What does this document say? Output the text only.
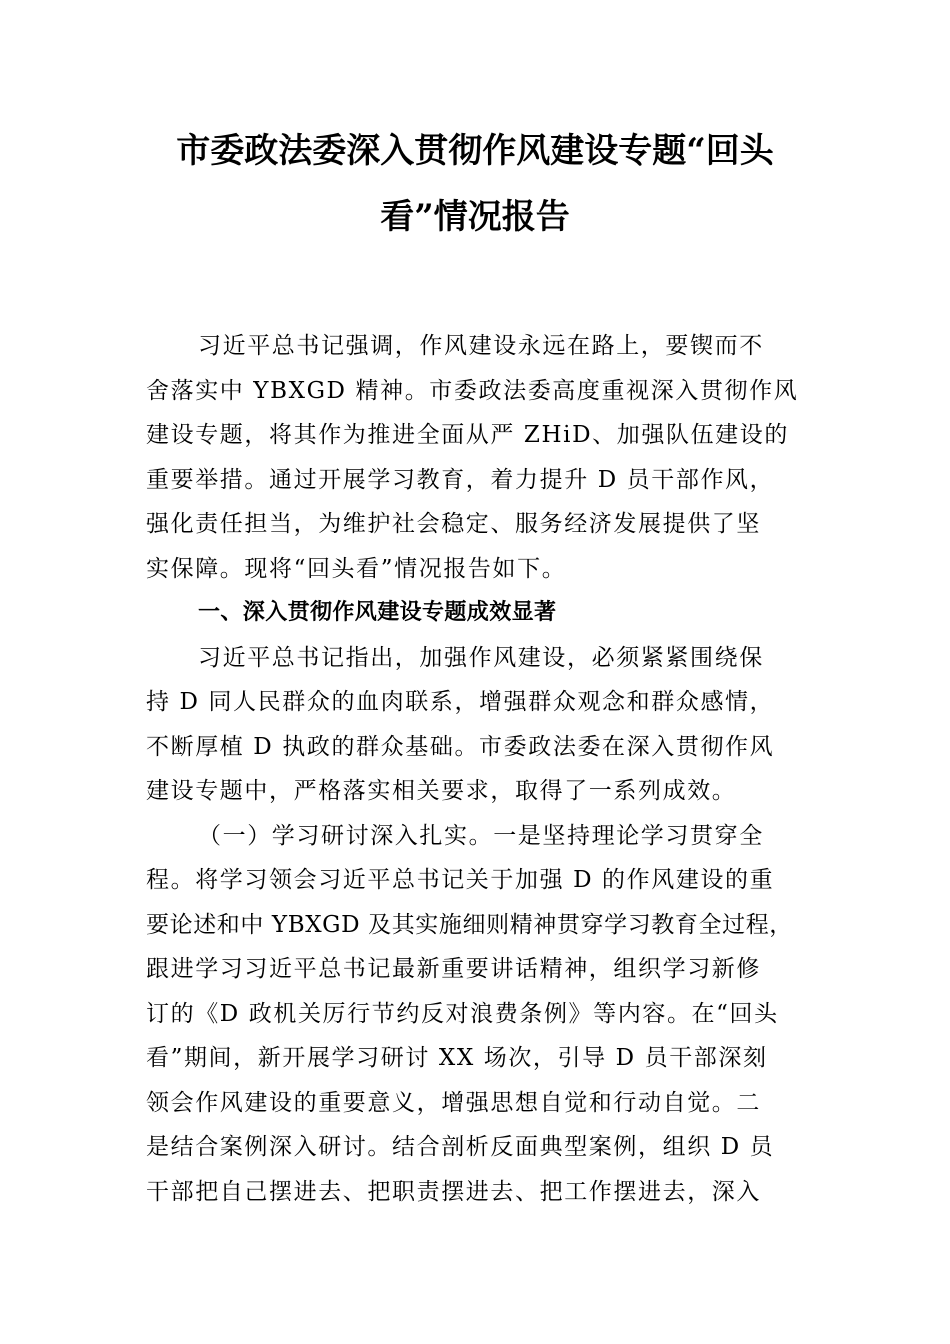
市委政法委深入贯彻作风建设专题“回头
看”情况报告
习近平总书记强调，作风建设永远在路上，要锲而不
舍落实中 YBXGD 精神。市委政法委高度重视深入贯彻作风
建设专题，将其作为推进全面从严 ZHiD、加强队伍建设的
重要举措。通过开展学习教育，着力提升 D 员干部作风，
强化责任担当，为维护社会稳定、服务经济发展提供了坚
实保障。现将“回头看”情况报告如下。
一、深入贯彻作风建设专题成效显著
习近平总书记指出，加强作风建设，必须紧紧围绕保
持 D 同人民群众的血肉联系，增强群众观念和群众感情，
不断厚植 D 执政的群众基础。市委政法委在深入贯彻作风
建设专题中，严格落实相关要求，取得了一系列成效。
（一）学习研讨深入扎实。一是坚持理论学习贯穿全
程。将学习领会习近平总书记关于加强 D 的作风建设的重
要论述和中 YBXGD 及其实施细则精神贯穿学习教育全过程，
跟进学习习近平总书记最新重要讲话精神，组织学习新修
订的《D 政机关厉行节约反对浪费条例》等内容。在“回头
看”期间，新开展学习研讨 XX 场次，引导 D 员干部深刻
领会作风建设的重要意义，增强思想自觉和行动自觉。二
是结合案例深入研讨。结合剖析反面典型案例，组织 D 员
干部把自己摆进去、把职责摆进去、把工作摆进去，深入
